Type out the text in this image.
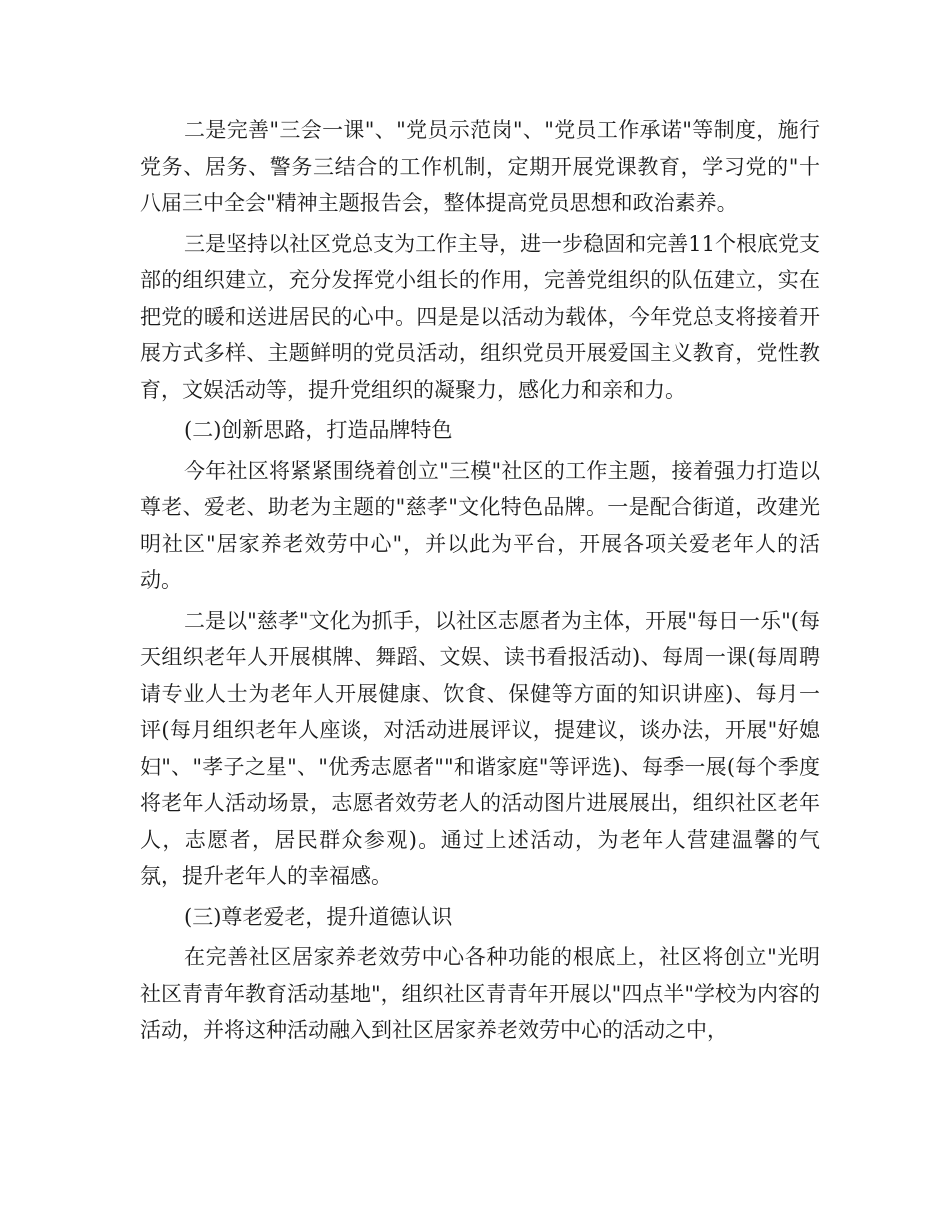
二是完善"三会一课"、"党员示范岗"、"党员工作承诺"等制度，施行党务、居务、警务三结合的工作机制，定期开展党课教育，学习党的"十八届三中全会"精神主题报告会，整体提高党员思想和政治素养。

三是坚持以社区党总支为工作主导，进一步稳固和完善11个根底党支部的组织建立，充分发挥党小组长的作用，完善党组织的队伍建立，实在把党的暖和送进居民的心中。四是是以活动为载体，今年党总支将接着开展方式多样、主题鲜明的党员活动，组织党员开展爱国主义教育，党性教育，文娱活动等，提升党组织的凝聚力，感化力和亲和力。

(二)创新思路，打造品牌特色

今年社区将紧紧围绕着创立"三模"社区的工作主题，接着强力打造以尊老、爱老、助老为主题的"慈孝"文化特色品牌。一是配合街道，改建光明社区"居家养老效劳中心"，并以此为平台，开展各项关爱老年人的活动。

二是以"慈孝"文化为抓手，以社区志愿者为主体，开展"每日一乐"(每天组织老年人开展棋牌、舞蹈、文娱、读书看报活动)、每周一课(每周聘请专业人士为老年人开展健康、饮食、保健等方面的知识讲座)、每月一评(每月组织老年人座谈，对活动进展评议，提建议，谈办法，开展"好媳妇"、"孝子之星"、"优秀志愿者""和谐家庭"等评选)、每季一展(每个季度将老年人活动场景，志愿者效劳老人的活动图片进展展出，组织社区老年人，志愿者，居民群众参观)。通过上述活动，为老年人营建温馨的气氛，提升老年人的幸福感。

(三)尊老爱老，提升道德认识

在完善社区居家养老效劳中心各种功能的根底上，社区将创立"光明社区青青年教育活动基地"，组织社区青青年开展以"四点半"学校为内容的活动，并将这种活动融入到社区居家养老效劳中心的活动之中，
